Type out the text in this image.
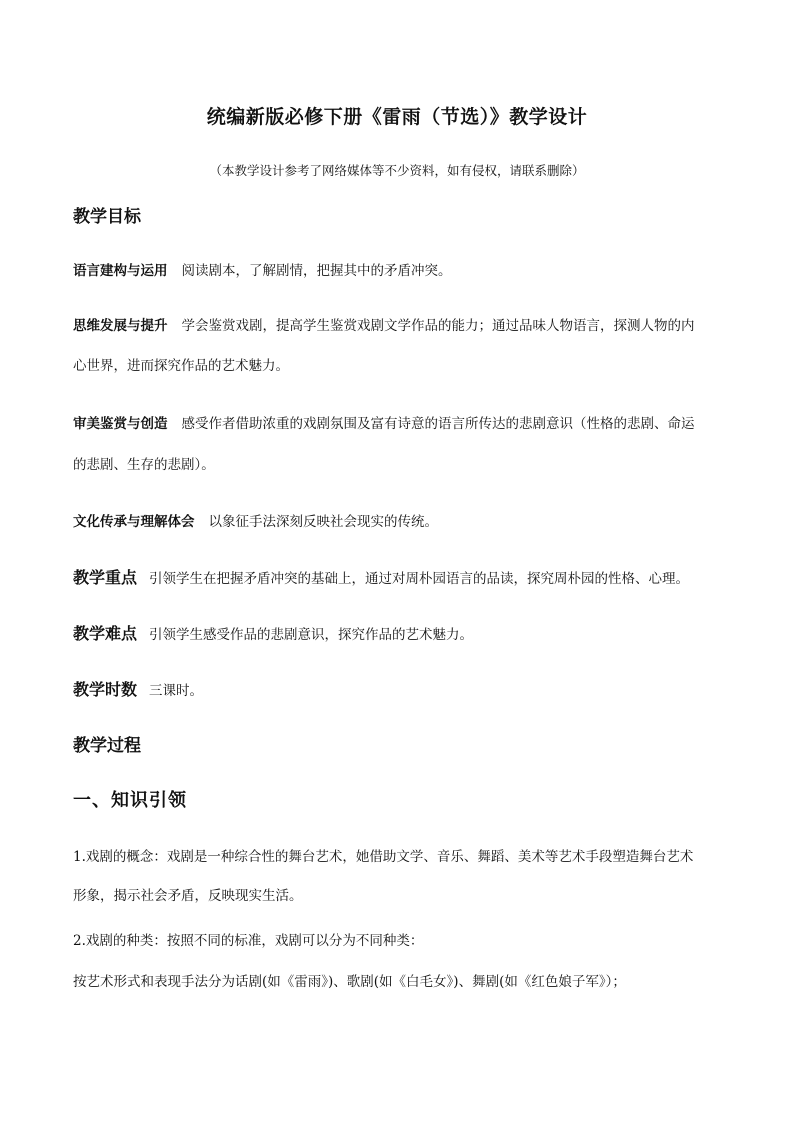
统编新版必修下册《雷雨（节选）》教学设计
（本教学设计参考了网络媒体等不少资料，如有侵权，请联系删除）
教学目标
语言建构与运用 阅读剧本，了解剧情，把握其中的矛盾冲突。
思维发展与提升 学会鉴赏戏剧，提高学生鉴赏戏剧文学作品的能力；通过品味人物语言，探测人物的内
心世界，进而探究作品的艺术魅力。
审美鉴赏与创造 感受作者借助浓重的戏剧氛围及富有诗意的语言所传达的悲剧意识（性格的悲剧、命运
的悲剧、生存的悲剧）。
文化传承与理解体会 以象征手法深刻反映社会现实的传统。
教学重点 引领学生在把握矛盾冲突的基础上，通过对周朴园语言的品读，探究周朴园的性格、心理。
教学难点 引领学生感受作品的悲剧意识，探究作品的艺术魅力。
教学时数 三课时。
教学过程
一、知识引领
1.戏剧的概念：戏剧是一种综合性的舞台艺术，她借助文学、音乐、舞蹈、美术等艺术手段塑造舞台艺术
形象，揭示社会矛盾，反映现实生活。
2.戏剧的种类：按照不同的标准，戏剧可以分为不同种类：
按艺术形式和表现手法分为话剧(如《雷雨》)、歌剧(如《白毛女》)、舞剧(如《红色娘子军》）；
